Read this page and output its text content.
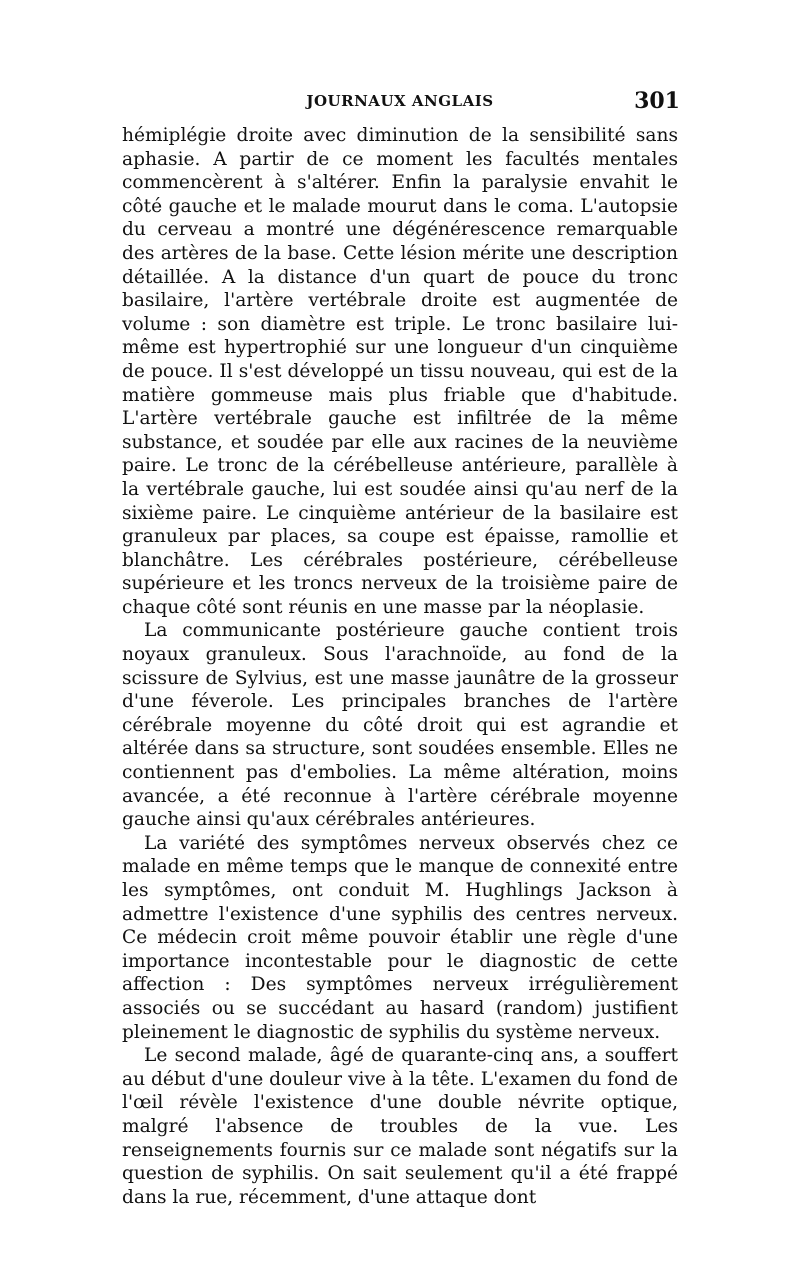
JOURNAUX ANGLAIS	301

hémiplégie droite avec diminution de la sensibilité sans aphasie. A partir de ce moment les facultés mentales commencèrent à s'altérer. Enfin la paralysie envahit le côté gauche et le malade mourut dans le coma. L'autopsie du cerveau a montré une dégénérescence remarquable des artères de la base. Cette lésion mérite une description détaillée. A la distance d'un quart de pouce du tronc basilaire, l'artère vertébrale droite est augmentée de volume : son diamètre est triple. Le tronc basilaire lui-même est hypertrophié sur une longueur d'un cinquième de pouce. Il s'est développé un tissu nouveau, qui est de la matière gommeuse mais plus friable que d'habitude. L'artère vertébrale gauche est infiltrée de la même substance, et soudée par elle aux racines de la neuvième paire. Le tronc de la cérébelleuse antérieure, parallèle à la vertébrale gauche, lui est soudée ainsi qu'au nerf de la sixième paire. Le cinquième antérieur de la basilaire est granuleux par places, sa coupe est épaisse, ramollie et blanchâtre. Les cérébrales postérieure, cérébelleuse supérieure et les troncs nerveux de la troisième paire de chaque côté sont réunis en une masse par la néoplasie.

La communicante postérieure gauche contient trois noyaux granuleux. Sous l'arachnoïde, au fond de la scissure de Sylvius, est une masse jaunâtre de la grosseur d'une féverole. Les principales branches de l'artère cérébrale moyenne du côté droit qui est agrandie et altérée dans sa structure, sont soudées ensemble. Elles ne contiennent pas d'embolies. La même altération, moins avancée, a été reconnue à l'artère cérébrale moyenne gauche ainsi qu'aux cérébrales antérieures.

La variété des symptômes nerveux observés chez ce malade en même temps que le manque de connexité entre les symptômes, ont conduit M. Hughlings Jackson à admettre l'existence d'une syphilis des centres nerveux. Ce médecin croit même pouvoir établir une règle d'une importance incontestable pour le diagnostic de cette affection : Des symptômes nerveux irrégulièrement associés ou se succédant au hasard (random) justifient pleinement le diagnostic de syphilis du système nerveux.

Le second malade, âgé de quarante-cinq ans, a souffert au début d'une douleur vive à la tête. L'examen du fond de l'œil révèle l'existence d'une double névrite optique, malgré l'absence de troubles de la vue. Les renseignements fournis sur ce malade sont négatifs sur la question de syphilis. On sait seulement qu'il a été frappé dans la rue, récemment, d'une attaque dont
